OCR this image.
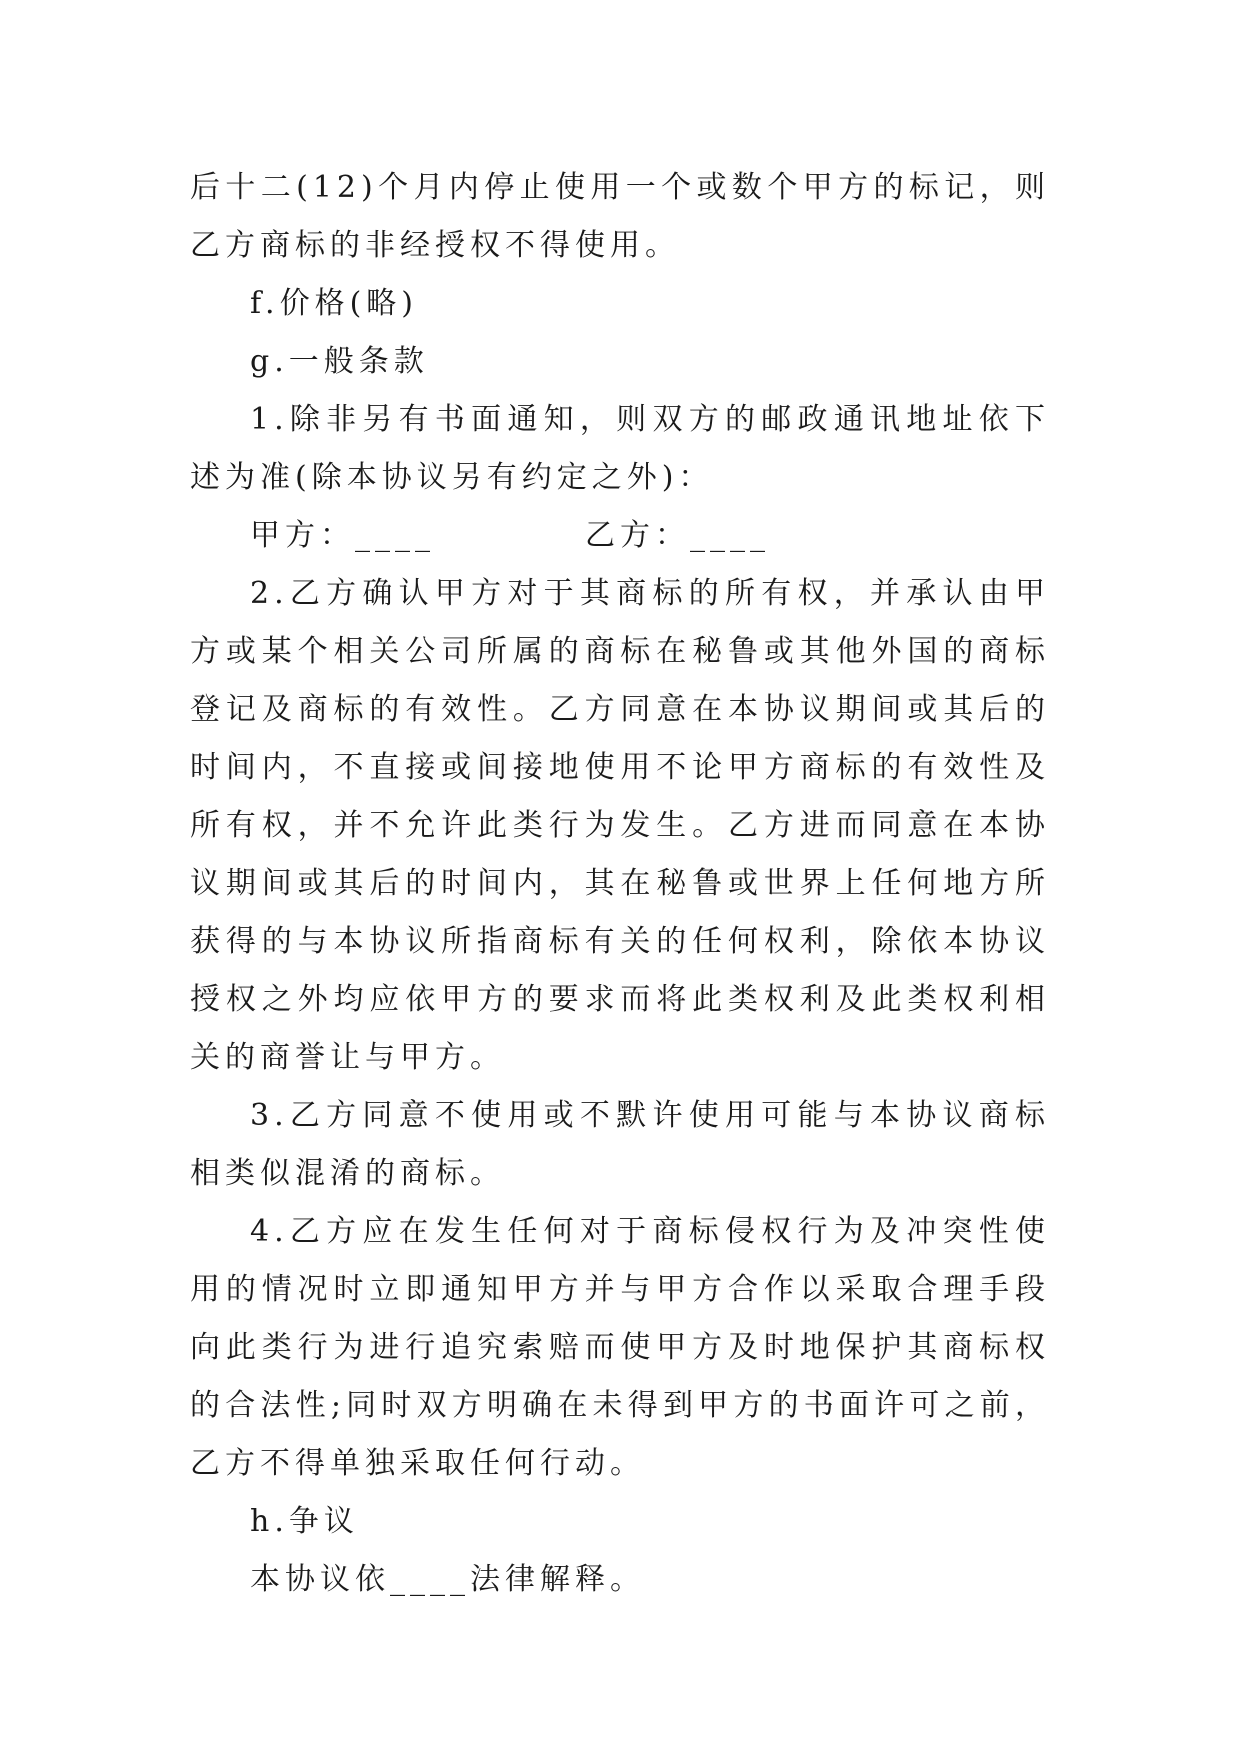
后十二(12)个月内停止使用一个或数个甲方的标记，则乙方商标的非经授权不得使用。

f.价格(略)

g.一般条款

1.除非另有书面通知，则双方的邮政通讯地址依下述为准(除本协议另有约定之外)：

甲方：____	乙方：____

2.乙方确认甲方对于其商标的所有权，并承认由甲方或某个相关公司所属的商标在秘鲁或其他外国的商标登记及商标的有效性。乙方同意在本协议期间或其后的时间内，不直接或间接地使用不论甲方商标的有效性及所有权，并不允许此类行为发生。乙方进而同意在本协议期间或其后的时间内，其在秘鲁或世界上任何地方所获得的与本协议所指商标有关的任何权利，除依本协议授权之外均应依甲方的要求而将此类权利及此类权利相关的商誉让与甲方。

3.乙方同意不使用或不默许使用可能与本协议商标相类似混淆的商标。

4.乙方应在发生任何对于商标侵权行为及冲突性使用的情况时立即通知甲方并与甲方合作以采取合理手段向此类行为进行追究索赔而使甲方及时地保护其商标权的合法性;同时双方明确在未得到甲方的书面许可之前，乙方不得单独采取任何行动。

h.争议

本协议依____法律解释。
